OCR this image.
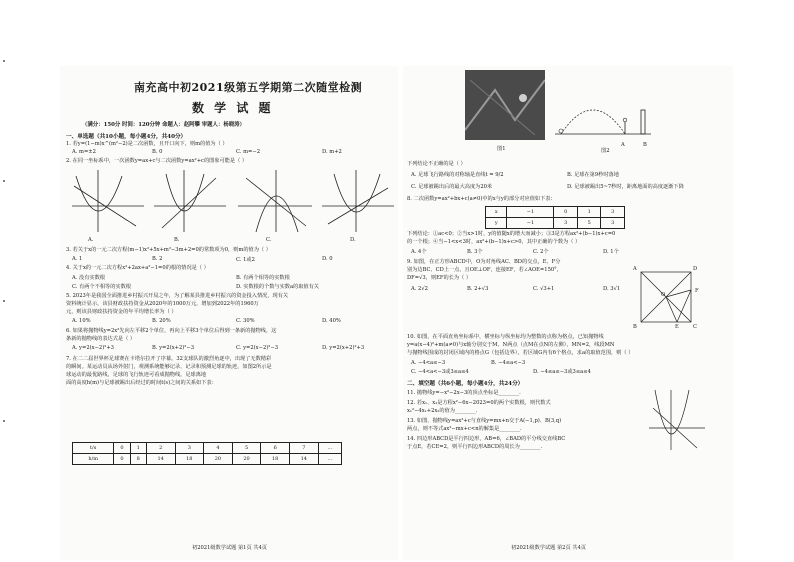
南充高中初2021级第五学期第二次随堂检测
数 学 试 题
（满分：150分 时间：120分钟 命题人：赵阿攀 审题人：杨晓涛）
一、单选题（共10小题，每小题4分，共40分）
1. 若y=(1−m)x^(m²−2)是二次函数，且开口向下，则m的值为（ ）
A. m=±2	B. 0	C. m=−2	D. m+2
2. 在同一坐标系中，一次函数y=ax+c与二次函数y=ax²+c的图象可能是（ ）
A.	B.	C.	D.
3. 若关于x的一元二次方程(m−1)x²+5x+m²−3m+2=0的常数项为0，则m的值为（ ）
A. 1	B. 2	C. 1或2	D. 0
4. 关于x的一元二次方程x²+2ax+a²−1=0的根的情况是（ ）
A. 没有实数根	B. 有两个相等的实数根
C. 有两个不相等的实数根	D. 实数根的个数与实数a的取值有关
5. 2023年是我国全面推进乡村振兴开局之年，为了解某县推进乡村振兴的资金投入情况，现有关
资料统计显示，该县财政扶持资金从2020年的1000万元，增加到2022年的1960万
元，则该县财政扶持资金的年平均增长率为（ ）
A. 10%	B. 20%	C. 30%	D. 40%
6. 如果将抛物线y=2x²先向左平移2个单位，再向上平移3个单位后得到一条新的抛物线，这
条新的抛物线的表达式是（ ）
A. y=2(x−2)²+3	B. y=2(x+2)²−3	C. y=2(x−2)²−3	D. y=2(x+2)²+3
7. 在二二届世界杯足球赛在卡塔尔拉开了序幕。32支球队的激烈角逐中，出现了无数精彩
的瞬间。某运动员从场外射门，观测系统能够记录、记录和预测足球的轨迹，如图2所示是
球运动的最优路线，足球的飞行轨迹可看成抛物线。足球离地
面的高度h(m)与足球被踢出后经过的时间t(s)之间的关系如下表：
t/s	0	1	2	3	4	5	6	7	…
h/m	0	8	14	18	20	20	18	14	…
初2021级数学试题 第1页 共4页
图1
A	B
图2
下列结论不正确的是（ ）
A. 足球飞行路线的对称轴是直线t = 9/2
C. 足球被踢出后的最大高度为20米
B. 足球在第9秒时落地
D. 足球被踢出5~7秒时，距离地面的高度逐渐下降
8. 二次函数y=ax²+bx+c(a≠0)中的x与y的部分对应值如下表：
x	−1	0	1	3
y	−1	3	5	3
下列结论：①ac<0；②当x>1时，y的值随x的增大而减小；③3是方程ax²+(b−1)x+c=0
的一个根；④当−1<x<3时，ax²+(b−1)x+c>0，其中正确的个数为（ ）
A. 4个	B. 3个	C. 2个	D. 1个
9. 如图，在正方形ABCD中，O为对角线AC、BD的交点，E、F分
别为边BC、CD上一点，且OE⊥OF，连接EF，若∠AOE=150°，
DF=√3，则EF的长为（ ）
A. 2√2	B. 2+√3	C. √3+1	D. 3√1
A	D
O
F
B	E	C
10. 如图，在平面直角坐标系中，横坐标与纵坐标均为整数的点称为格点，已知抛物线
y=a(x−4)²+m(a≠0)与x轴分别交于M、N两点（点M在点N的左侧），MN=2，线段MN
与抛物线围成的封闭区域内的格点G（包括边界），若区域G内有6个格点，求a的取值范围，则（ ）
A. −4<a≤−3	B. −4≤a<−3
C. −4<a<−3或3≤a≤4	D. −4≤a≤−3或3≤a≤4
二、填空题（共6小题，每小题4分，共24分）
11. 抛物线y=−x²−2x−3的顶点坐标是________.
12. 若x₁、x₂是方程x²−6x−2023=0的两个实数根，则代数式
x₁²−4x₁+2x₂的值为________.
13. 如图，抛物线y=ax²+c与直线y=mx+n交于A(−1,p)、B(3,q)
两点，则不等式ax²−mx+c<n的解集是________.
14. 四边形ABCD是平行四边形，AB=6，∠BAD的平分线交直线BC
于点E，若CE=2，则平行四边形ABCD的周长为________.
初2021级数学试题 第2页 共4页
